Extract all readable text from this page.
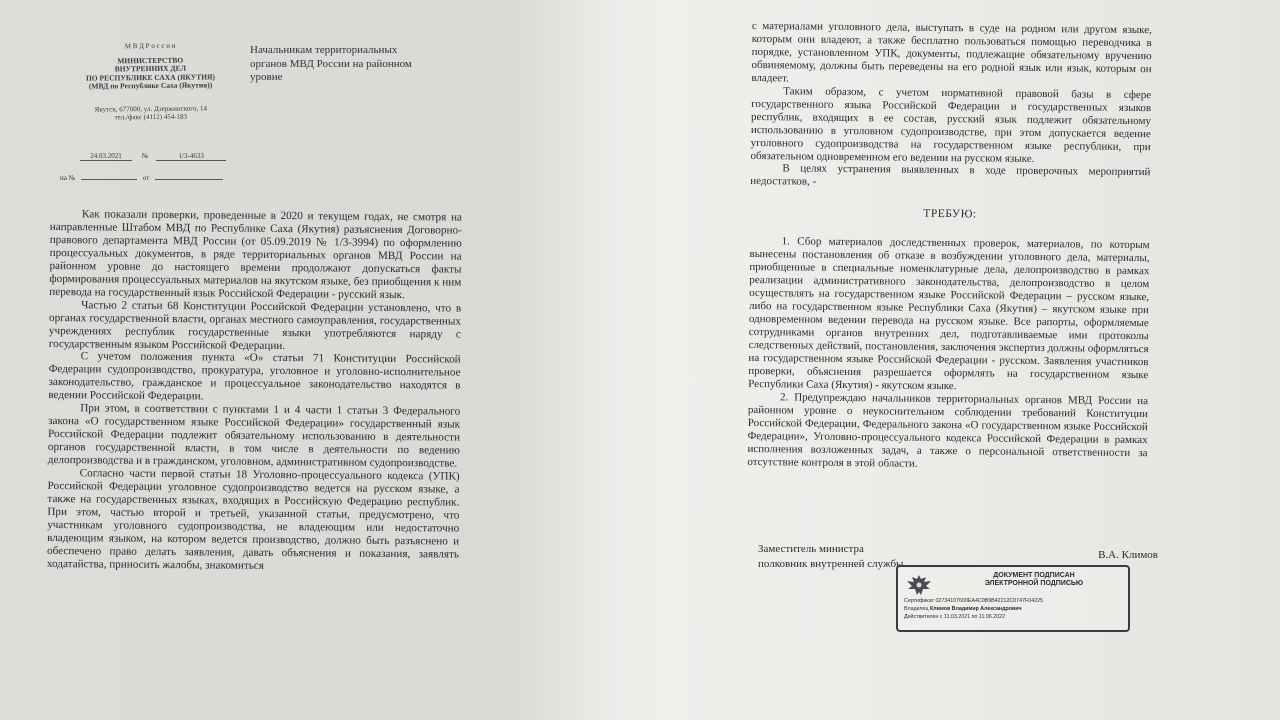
М В Д Р о с с и и
МИНИСТЕРСТВО
ВНУТРЕННИХ ДЕЛ
ПО РЕСПУБЛИКЕ САХА (ЯКУТИЯ)
(МВД по Республике Саха (Якутия))
Якутск, 677000, ул. Дзержинского, 14
тел./факс (4112) 454-183
24.03.2021	№	1/3-4633
на №	от
Начальникам территориальных органов МВД России на районном уровне

Как показали проверки, проведенные в 2020 и текущем годах, не смотря на направленные Штабом МВД по Республике Саха (Якутия) разъяснения Договорно-правового департамента МВД России (от 05.09.2019 № 1/3-3994) по оформлению процессуальных документов, в ряде территориальных органов МВД России на районном уровне до настоящего времени продолжают допускаться факты формирования процессуальных материалов на якутском языке, без приобщения к ним перевода на государственный язык Российской Федерации - русский язык.

Частью 2 статьи 68 Конституции Российской Федерации установлено, что в органах государственной власти, органах местного самоуправления, государственных учреждениях республик государственные языки употребляются наряду с государственным языком Российской Федерации.

С учетом положения пункта «О» статьи 71 Конституции Российской Федерации судопроизводство, прокуратура, уголовное и уголовно-исполнительное законодательство, гражданское и процессуальное законодательство находятся в ведении Российской Федерации.

При этом, в соответствии с пунктами 1 и 4 части 1 статьи 3 Федерального закона «О государственном языке Российской Федерации» государственный язык Российской Федерации подлежит обязательному использованию в деятельности органов государственной власти, в том числе в деятельности по ведению делопроизводства и в гражданском, уголовном, административном судопроизводстве.

Согласно части первой статьи 18 Уголовно-процессуального кодекса (УПК) Российской Федерации уголовное судопроизводство ведется на русском языке, а также на государственных языках, входящих в Российскую Федерацию республик. При этом, частью второй и третьей, указанной статьи, предусмотрено, что участникам уголовного судопроизводства, не владеющим или недостаточно владеющим языком, на котором ведется производство, должно быть разъяснено и обеспечено право делать заявления, давать объяснения и показания, заявлять ходатайства, приносить жалобы, знакомиться

с материалами уголовного дела, выступать в суде на родном или другом языке, которым они владеют, а также бесплатно пользоваться помощью переводчика в порядке, установленном УПК, документы, подлежащие обязательному вручению обвиняемому, должны быть переведены на его родной язык или язык, которым он владеет.

Таким образом, с учетом нормативной правовой базы в сфере государственного языка Российской Федерации и государственных языков республик, входящих в ее состав, русский язык подлежит обязательному использованию в уголовном судопроизводстве, при этом допускается ведение уголовного судопроизводства на государственном языке республики, при обязательном одновременном его ведении на русском языке.

В целях устранения выявленных в ходе проверочных мероприятий недостатков, -

ТРЕБУЮ:

1. Сбор материалов доследственных проверок, материалов, по которым вынесены постановления об отказе в возбуждении уголовного дела, материалы, приобщенные в специальные номенклатурные дела, делопроизводство в рамках реализации административного законодательства, делопроизводство в целом осуществлять на государственном языке Российской Федерации – русском языке, либо на государственном языке Республики Саха (Якутия) – якутском языке при одновременном ведении перевода на русском языке. Все рапорты, оформляемые сотрудниками органов внутренних дел, подготавливаемые ими протоколы следственных действий, постановления, заключения экспертиз должны оформляться на государственном языке Российской Федерации - русском. Заявления участников проверки, объяснения разрешается оформлять на государственном языке Республики Саха (Якутия) - якутском языке.

2. Предупреждаю начальников территориальных органов МВД России на районном уровне о неукоснительном соблюдении требований Конституции Российской Федерации, Федерального закона «О государственном языке Российской Федерации», Уголовно-процессуального кодекса Российской Федерации в рамках исполнения возложенных задач, а также о персональной ответственности за отсутствие контроля в этой области.

Заместитель министра
полковник внутренней службы
В.А. Климов
ДОКУМЕНТ ПОДПИСАН
ЭЛЕКТРОННОЙ ПОДПИСЬЮ
Сертификат 02734107600EA4C0B9B42212C0747F04225
Владелец Климов Владимир Александрович
Действителен с 11.03.2021 по 11.06.2022
